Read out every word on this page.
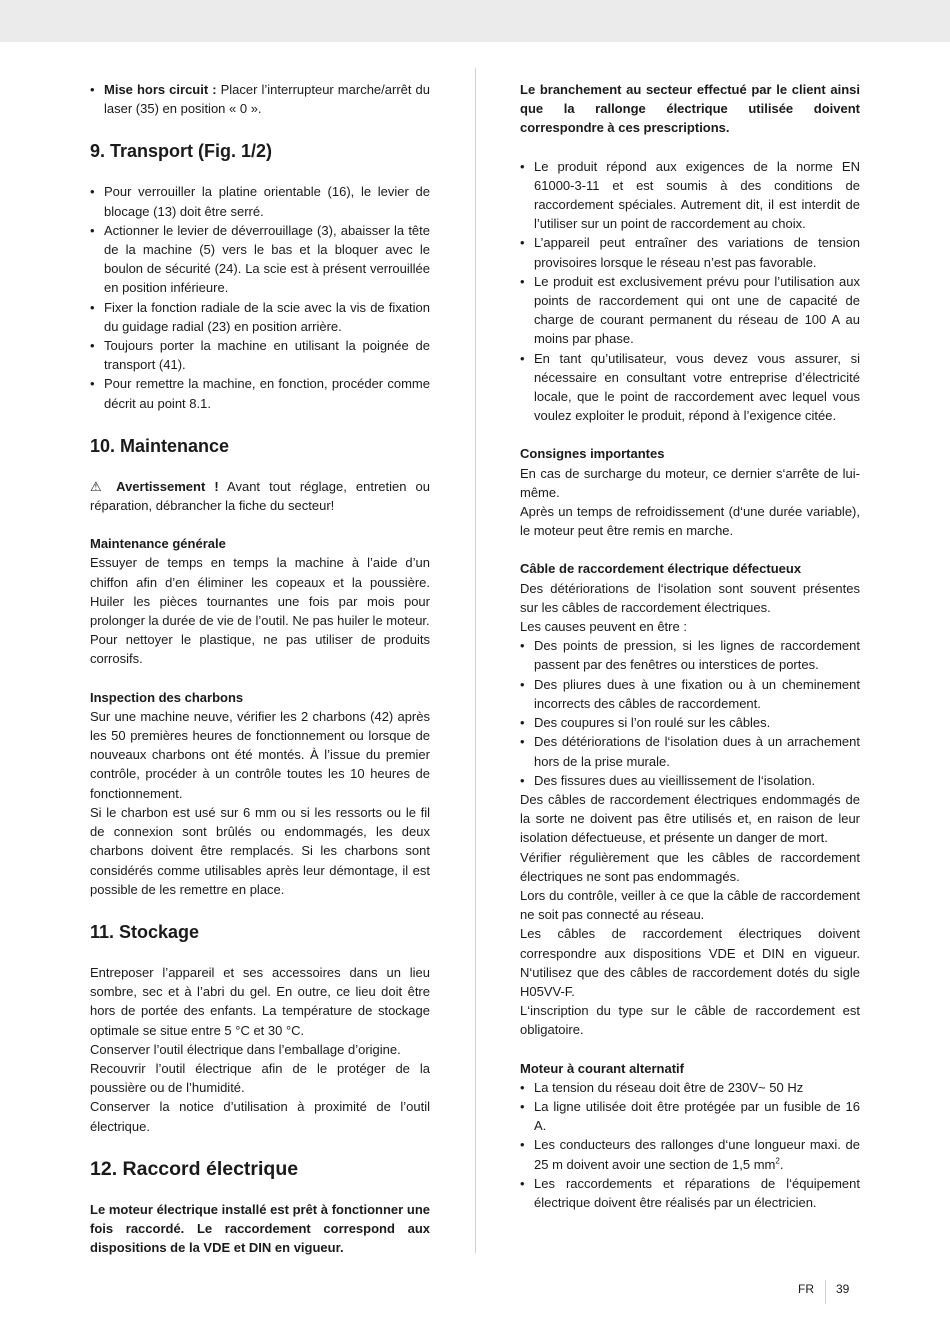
• Mise hors circuit : Placer l’interrupteur marche/arrêt du laser (35) en position « 0 ».
9. Transport (Fig. 1/2)
• Pour verrouiller la platine orientable (16), le levier de blocage (13) doit être serré.
• Actionner le levier de déverrouillage (3), abaisser la tête de la machine (5) vers le bas et la bloquer avec le boulon de sécurité (24). La scie est à présent verrouillée en position inférieure.
• Fixer la fonction radiale de la scie avec la vis de fixation du guidage radial (23) en position arrière.
• Toujours porter la machine en utilisant la poignée de transport (41).
• Pour remettre la machine, en fonction, procéder comme décrit au point 8.1.
10. Maintenance

⚠ Avertissement ! Avant tout réglage, entretien ou réparation, débrancher la fiche du secteur!

Maintenance générale

Essuyer de temps en temps la machine à l’aide d’un chiffon afin d’en éliminer les copeaux et la poussière. Huiler les pièces tournantes une fois par mois pour prolonger la durée de vie de l’outil. Ne pas huiler le moteur.

Pour nettoyer le plastique, ne pas utiliser de produits corrosifs.

Inspection des charbons

Sur une machine neuve, vérifier les 2 charbons (42) après les 50 premières heures de fonctionnement ou lorsque de nouveaux charbons ont été montés. À l’issue du premier contrôle, procéder à un contrôle toutes les 10 heures de fonctionnement.

Si le charbon est usé sur 6 mm ou si les ressorts ou le fil de connexion sont brûlés ou endommagés, les deux charbons doivent être remplacés. Si les charbons sont considérés comme utilisables après leur démontage, il est possible de les remettre en place.

11. Stockage

Entreposer l’appareil et ses accessoires dans un lieu sombre, sec et à l’abri du gel. En outre, ce lieu doit être hors de portée des enfants. La température de stockage optimale se situe entre 5 °C et 30 °C.

Conserver l’outil électrique dans l’emballage d’origine.

Recouvrir l’outil électrique afin de le protéger de la poussière ou de l’humidité.

Conserver la notice d’utilisation à proximité de l’outil électrique.

12. Raccord électrique

Le moteur électrique installé est prêt à fonctionner une fois raccordé. Le raccordement correspond aux dispositions de la VDE et DIN en vigueur.

Le branchement au secteur effectué par le client ainsi que la rallonge électrique utilisée doivent correspondre à ces prescriptions.

• Le produit répond aux exigences de la norme EN 61000-3-11 et est soumis à des conditions de raccordement spéciales. Autrement dit, il est interdit de l’utiliser sur un point de raccordement au choix.
• L’appareil peut entraîner des variations de tension provisoires lorsque le réseau n’est pas favorable.
• Le produit est exclusivement prévu pour l’utilisation aux points de raccordement qui ont une de capacité de charge de courant permanent du réseau de 100 A au moins par phase.
• En tant qu’utilisateur, vous devez vous assurer, si nécessaire en consultant votre entreprise d’électricité locale, que le point de raccordement avec lequel vous voulez exploiter le produit, répond à l’exigence citée.

Consignes importantes

En cas de surcharge du moteur, ce dernier s‘arrête de lui-même.

Après un temps de refroidissement (d‘une durée variable), le moteur peut être remis en marche.

Câble de raccordement électrique défectueux

Des détériorations de l‘isolation sont souvent présentes sur les câbles de raccordement électriques.

Les causes peuvent en être :

• Des points de pression, si les lignes de raccordement passent par des fenêtres ou interstices de portes.
• Des pliures dues à une fixation ou à un cheminement incorrects des câbles de raccordement.
• Des coupures si l’on roulé sur les câbles.
• Des détériorations de l‘isolation dues à un arrachement hors de la prise murale.
• Des fissures dues au vieillissement de l‘isolation.

Des câbles de raccordement électriques endommagés de la sorte ne doivent pas être utilisés et, en raison de leur isolation défectueuse, et présente un danger de mort.

Vérifier régulièrement que les câbles de raccordement électriques ne sont pas endommagés.

Lors du contrôle, veiller à ce que la câble de raccordement ne soit pas connecté au réseau.

Les câbles de raccordement électriques doivent correspondre aux dispositions VDE et DIN en vigueur. N‘utilisez que des câbles de raccordement dotés du sigle H05VV-F.

L‘inscription du type sur le câble de raccordement est obligatoire.

Moteur à courant alternatif

• La tension du réseau doit être de 230V~ 50 Hz
• La ligne utilisée doit être protégée par un fusible de 16 A.
• Les conducteurs des rallonges d‘une longueur maxi. de 25 m doivent avoir une section de 1,5 $mm^2$.
• Les raccordements et réparations de l‘équipement électrique doivent être réalisés par un électricien.
FR 39
